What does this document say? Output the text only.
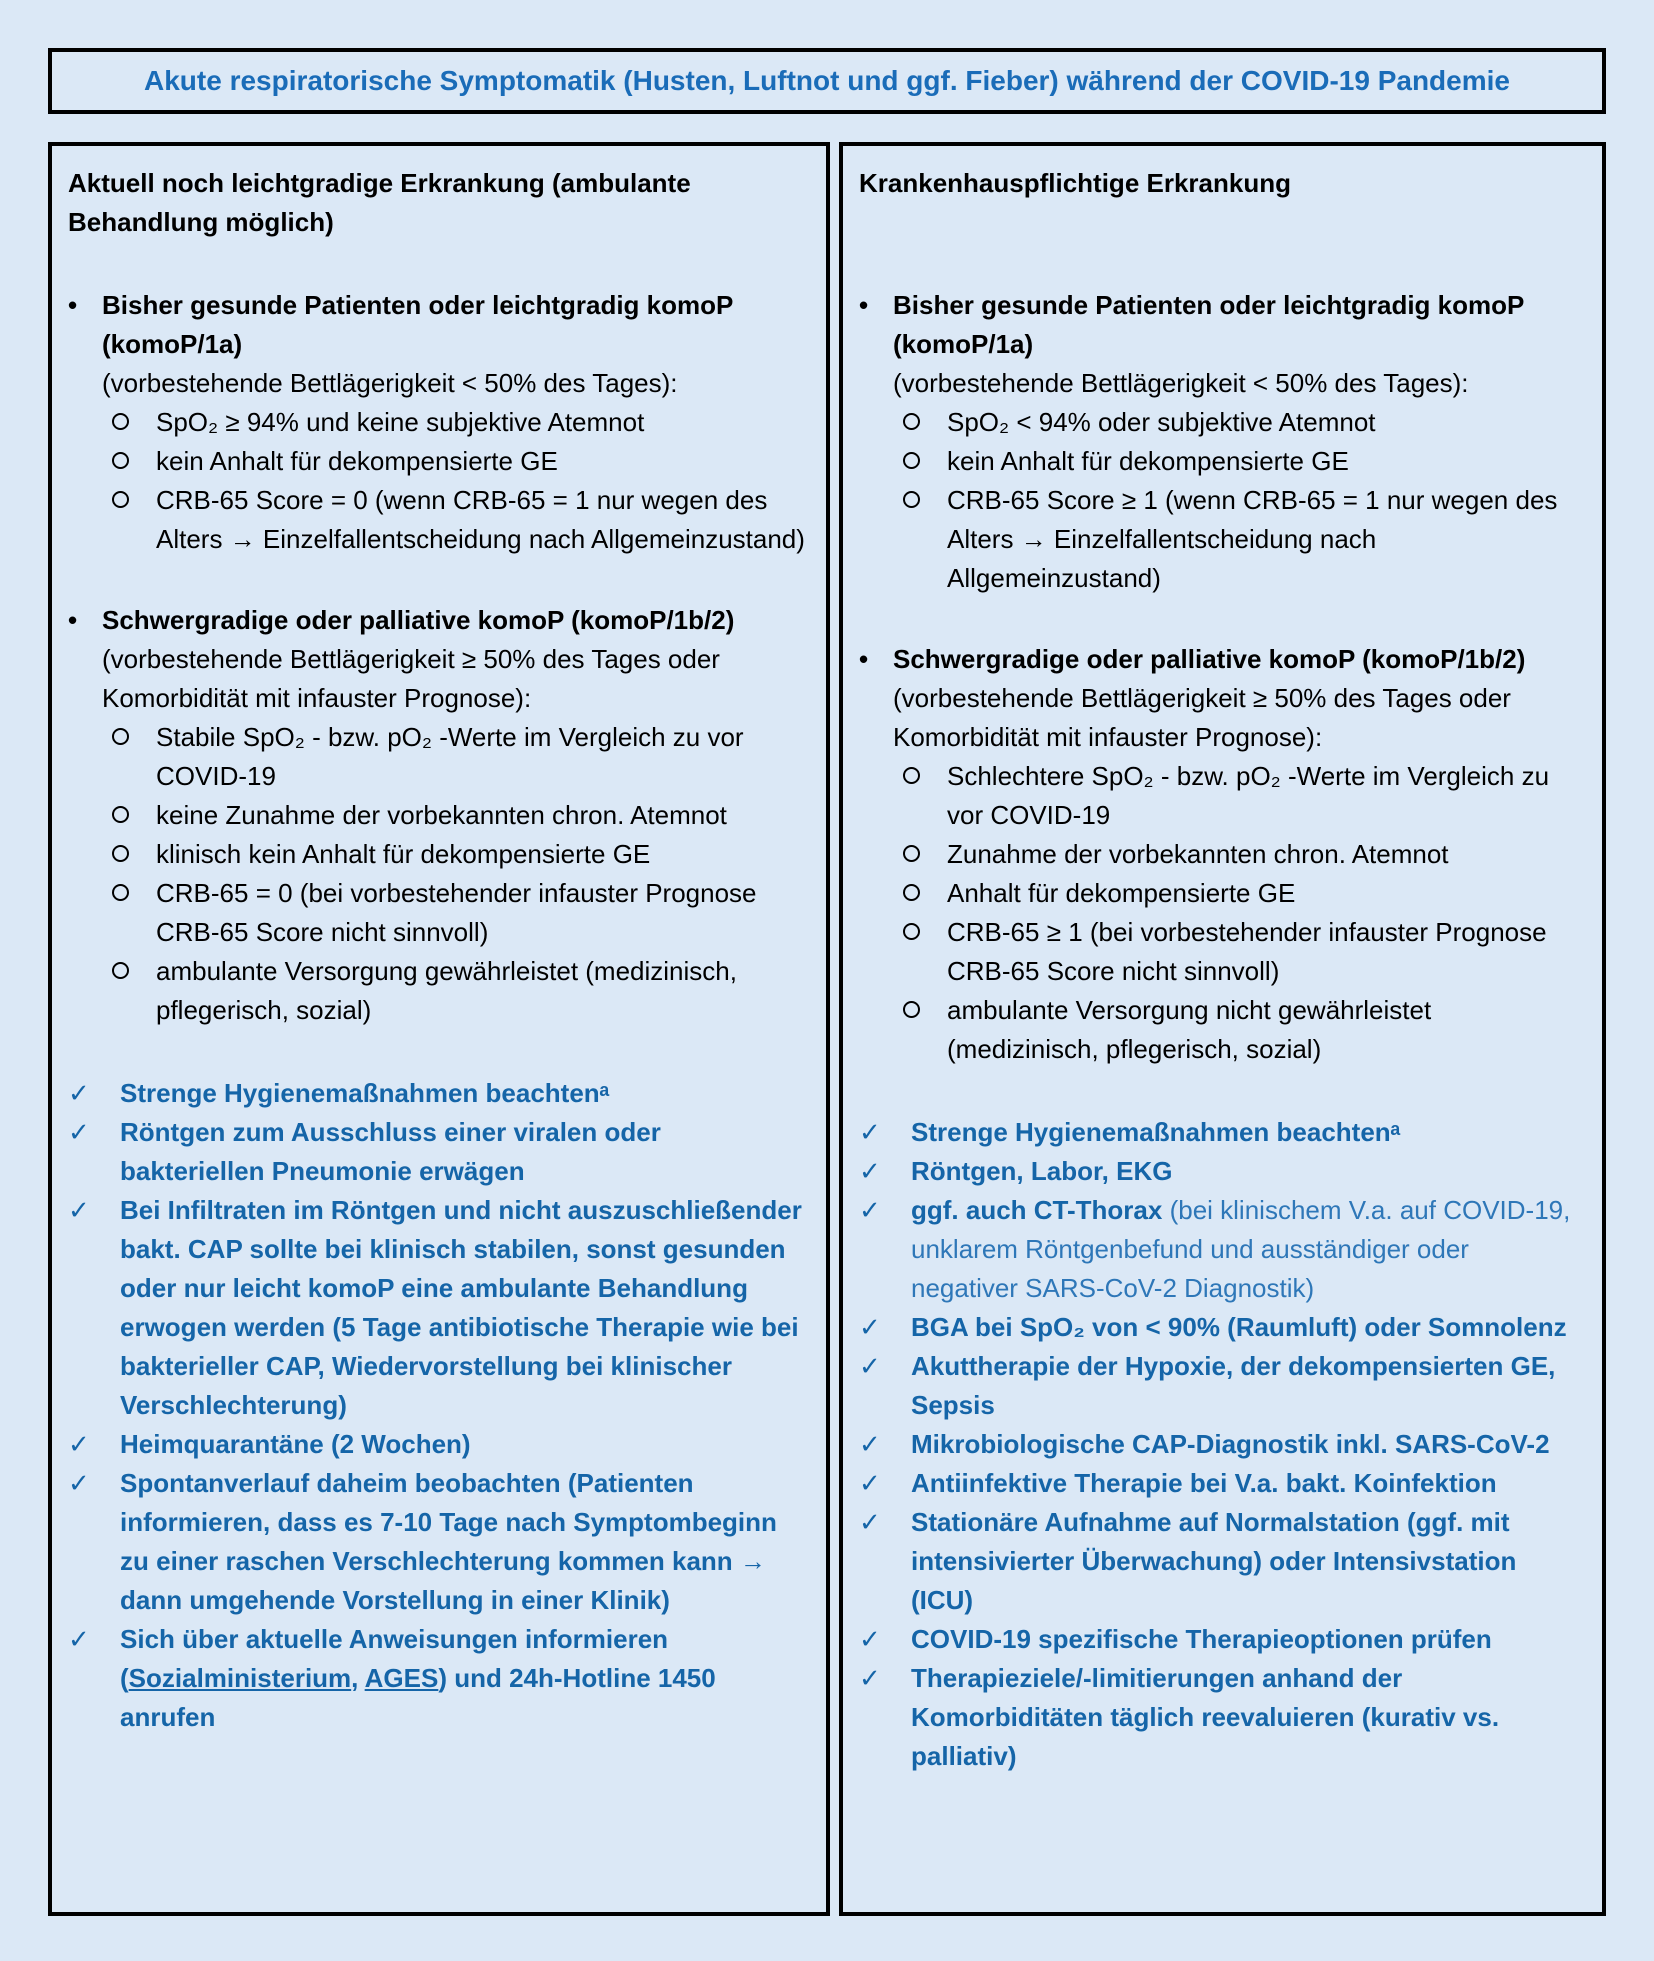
Akute respiratorische Symptomatik (Husten, Luftnot und ggf. Fieber) während der COVID-19 Pandemie
Aktuell noch leichtgradige Erkrankung (ambulante Behandlung möglich)
• Bisher gesunde Patienten oder leichtgradig komoP (komoP/1a)
(vorbestehende Bettlägerigkeit < 50% des Tages):
SpO₂ ≥ 94% und keine subjektive Atemnot
kein Anhalt für dekompensierte GE
CRB-65 Score = 0 (wenn CRB-65 = 1 nur wegen des Alters → Einzelfallentscheidung nach Allgemeinzustand)
• Schwergradige oder palliative komoP (komoP/1b/2)
(vorbestehende Bettlägerigkeit ≥ 50% des Tages oder Komorbidität mit infauster Prognose):
Stabile SpO₂ - bzw. pO₂ -Werte im Vergleich zu vor COVID-19
keine Zunahme der vorbekannten chron. Atemnot
klinisch kein Anhalt für dekompensierte GE
CRB-65 = 0 (bei vorbestehender infauster Prognose CRB-65 Score nicht sinnvoll)
ambulante Versorgung gewährleistet (medizinisch, pflegerisch, sozial)
✓	Strenge Hygienemaßnahmen beachtenᵃ
✓	Röntgen zum Ausschluss einer viralen oder bakteriellen Pneumonie erwägen
✓	Bei Infiltraten im Röntgen und nicht auszuschließender bakt. CAP sollte bei klinisch stabilen, sonst gesunden oder nur leicht komoP eine ambulante Behandlung erwogen werden (5 Tage antibiotische Therapie wie bei bakterieller CAP, Wiedervorstellung bei klinischer Verschlechterung)
✓	Heimquarantäne (2 Wochen)
✓	Spontanverlauf daheim beobachten (Patienten informieren, dass es 7-10 Tage nach Symptombeginn zu einer raschen Verschlechterung kommen kann → dann umgehende Vorstellung in einer Klinik)
✓	Sich über aktuelle Anweisungen informieren (Sozialministerium, AGES) und 24h-Hotline 1450 anrufen
Krankenhauspflichtige Erkrankung
• Bisher gesunde Patienten oder leichtgradig komoP (komoP/1a)
(vorbestehende Bettlägerigkeit < 50% des Tages):
SpO₂ < 94% oder subjektive Atemnot
kein Anhalt für dekompensierte GE
CRB-65 Score ≥ 1 (wenn CRB-65 = 1 nur wegen des Alters → Einzelfallentscheidung nach Allgemeinzustand)
• Schwergradige oder palliative komoP (komoP/1b/2)
(vorbestehende Bettlägerigkeit ≥ 50% des Tages oder Komorbidität mit infauster Prognose):
Schlechtere SpO₂ - bzw. pO₂ -Werte im Vergleich zu vor COVID-19
Zunahme der vorbekannten chron. Atemnot
Anhalt für dekompensierte GE
CRB-65 ≥ 1 (bei vorbestehender infauster Prognose CRB-65 Score nicht sinnvoll)
ambulante Versorgung nicht gewährleistet (medizinisch, pflegerisch, sozial)
✓	Strenge Hygienemaßnahmen beachtenᵃ
✓	Röntgen, Labor, EKG
✓	ggf. auch CT-Thorax (bei klinischem V.a. auf COVID-19, unklarem Röntgenbefund und ausständiger oder negativer SARS-CoV-2 Diagnostik)
✓	BGA bei SpO₂ von < 90% (Raumluft) oder Somnolenz
✓	Akuttherapie der Hypoxie, der dekompensierten GE, Sepsis
✓	Mikrobiologische CAP-Diagnostik inkl. SARS-CoV-2
✓	Antiinfektive Therapie bei V.a. bakt. Koinfektion
✓	Stationäre Aufnahme auf Normalstation (ggf. mit intensivierter Überwachung) oder Intensivstation (ICU)
✓	COVID-19 spezifische Therapieoptionen prüfen
✓	Therapieziele/-limitierungen anhand der Komorbiditäten täglich reevaluieren (kurativ vs. palliativ)
